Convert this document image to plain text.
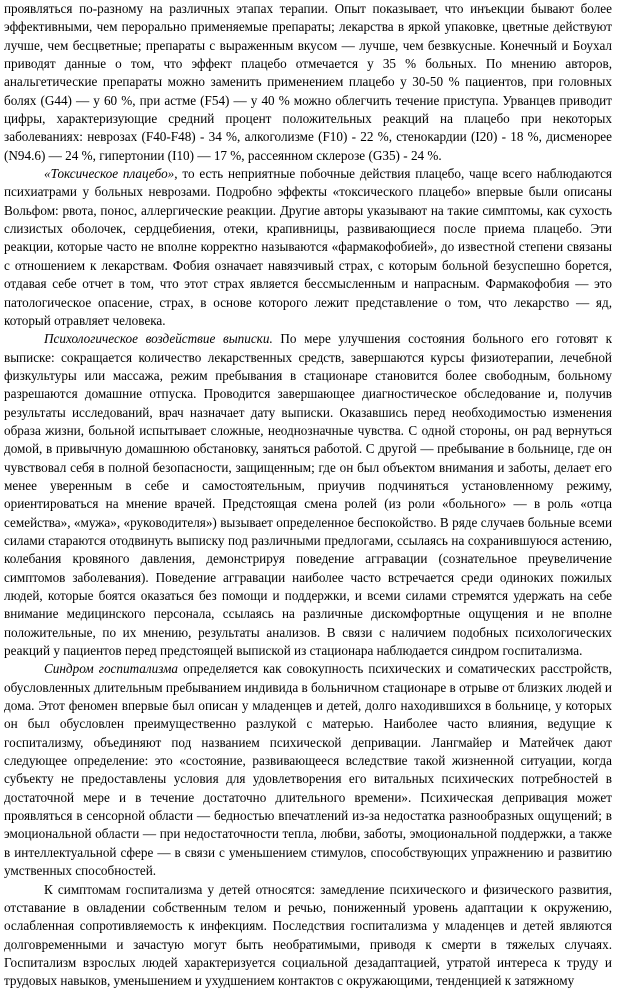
проявляться по-разному на различных этапах терапии. Опыт показывает, что инъекции бывают более эффективными, чем перорально применяемые препараты; лекарства в яркой упаковке, цветные действуют лучше, чем бесцветные; препараты с выраженным вкусом — лучше, чем безвкусные. Конечный и Боухал приводят данные о том, что эффект плацебо отмечается у 35 % больных. По мнению авторов, анальгетические препараты можно заменить применением плацебо у 30-50 % пациентов, при головных болях (G44) — у 60 %, при астме (F54) — у 40 % можно облегчить течение приступа. Урванцев приводит цифры, характеризующие средний процент положительных реакций на плацебо при некоторых заболеваниях: неврозах (F40-F48) - 34 %, алкоголизме (F10) - 22 %, стенокардии (I20) - 18 %, дисменорее (N94.6) — 24 %, гипертонии (I10) — 17 %, рассеянном склерозе (G35) - 24 %.

«Токсическое плацебо», то есть неприятные побочные действия плацебо, чаще всего наблюдаются психиатрами у больных неврозами. Подробно эффекты «токсического плацебо» впервые были описаны Вольфом: рвота, понос, аллергические реакции. Другие авторы указывают на такие симптомы, как сухость слизистых оболочек, сердцебиения, отеки, крапивницы, развивающиеся после приема плацебо. Эти реакции, которые часто не вполне корректно называются «фармакофобией», до известной степени связаны с отношением к лекарствам. Фобия означает навязчивый страх, с которым больной безуспешно борется, отдавая себе отчет в том, что этот страх является бессмысленным и напрасным. Фармакофобия — это патологическое опасение, страх, в основе которого лежит представление о том, что лекарство — яд, который отравляет человека.

Психологическое воздействие выписки. По мере улучшения состояния больного его готовят к выписке: сокращается количество лекарственных средств, завершаются курсы физиотерапии, лечебной физкультуры или массажа, режим пребывания в стационаре становится более свободным, больному разрешаются домашние отпуска. Проводится завершающее диагностическое обследование и, получив результаты исследований, врач назначает дату выписки. Оказавшись перед необходимостью изменения образа жизни, больной испытывает сложные, неоднозначные чувства. С одной стороны, он рад вернуться домой, в привычную домашнюю обстановку, заняться работой. С другой — пребывание в больнице, где он чувствовал себя в полной безопасности, защищенным; где он был объектом внимания и заботы, делает его менее уверенным в себе и самостоятельным, приучив подчиняться установленному режиму, ориентироваться на мнение врачей. Предстоящая смена ролей (из роли «больного» — в роль «отца семейства», «мужа», «руководителя») вызывает определенное беспокойство. В ряде случаев больные всеми силами стараются отодвинуть выписку под различными предлогами, ссылаясь на сохранившуюся астению, колебания кровяного давления, демонстрируя поведение аггравации (сознательное преувеличение симптомов заболевания). Поведение аггравации наиболее часто встречается среди одиноких пожилых людей, которые боятся оказаться без помощи и поддержки, и всеми силами стремятся удержать на себе внимание медицинского персонала, ссылаясь на различные дискомфортные ощущения и не вполне положительные, по их мнению, результаты анализов. В связи с наличием подобных психологических реакций у пациентов перед предстоящей выпиской из стационара наблюдается синдром госпитализма.

Синдром госпитализма определяется как совокупность психических и соматических расстройств, обусловленных длительным пребыванием индивида в больничном стационаре в отрыве от близких людей и дома. Этот феномен впервые был описан у младенцев и детей, долго находившихся в больнице, у которых он был обусловлен преимущественно разлукой с матерью. Наиболее часто влияния, ведущие к госпитализму, объединяют под названием психической депривации. Лангмайер и Матейчек дают следующее определение: это «состояние, развивающееся вследствие такой жизненной ситуации, когда субъекту не предоставлены условия для удовлетворения его витальных психических потребностей в достаточной мере и в течение достаточно длительного времени». Психическая депривация может проявляться в сенсорной области — бедностью впечатлений из-за недостатка разнообразных ощущений; в эмоциональной области — при недостаточности тепла, любви, заботы, эмоциональной поддержки, а также в интеллектуальной сфере — в связи с уменьшением стимулов, способствующих упражнению и развитию умственных способностей.

К симптомам госпитализма у детей относятся: замедление психического и физического развития, отставание в овладении собственным телом и речью, пониженный уровень адаптации к окружению, ослабленная сопротивляемость к инфекциям. Последствия госпитализма у младенцев и детей являются долговременными и зачастую могут быть необратимыми, приводя к смерти в тяжелых случаях. Госпитализм взрослых людей характеризуется социальной дезадаптацией, утратой интереса к труду и трудовых навыков, уменьшением и ухудшением контактов с окружающими, тенденцией к затяжному
